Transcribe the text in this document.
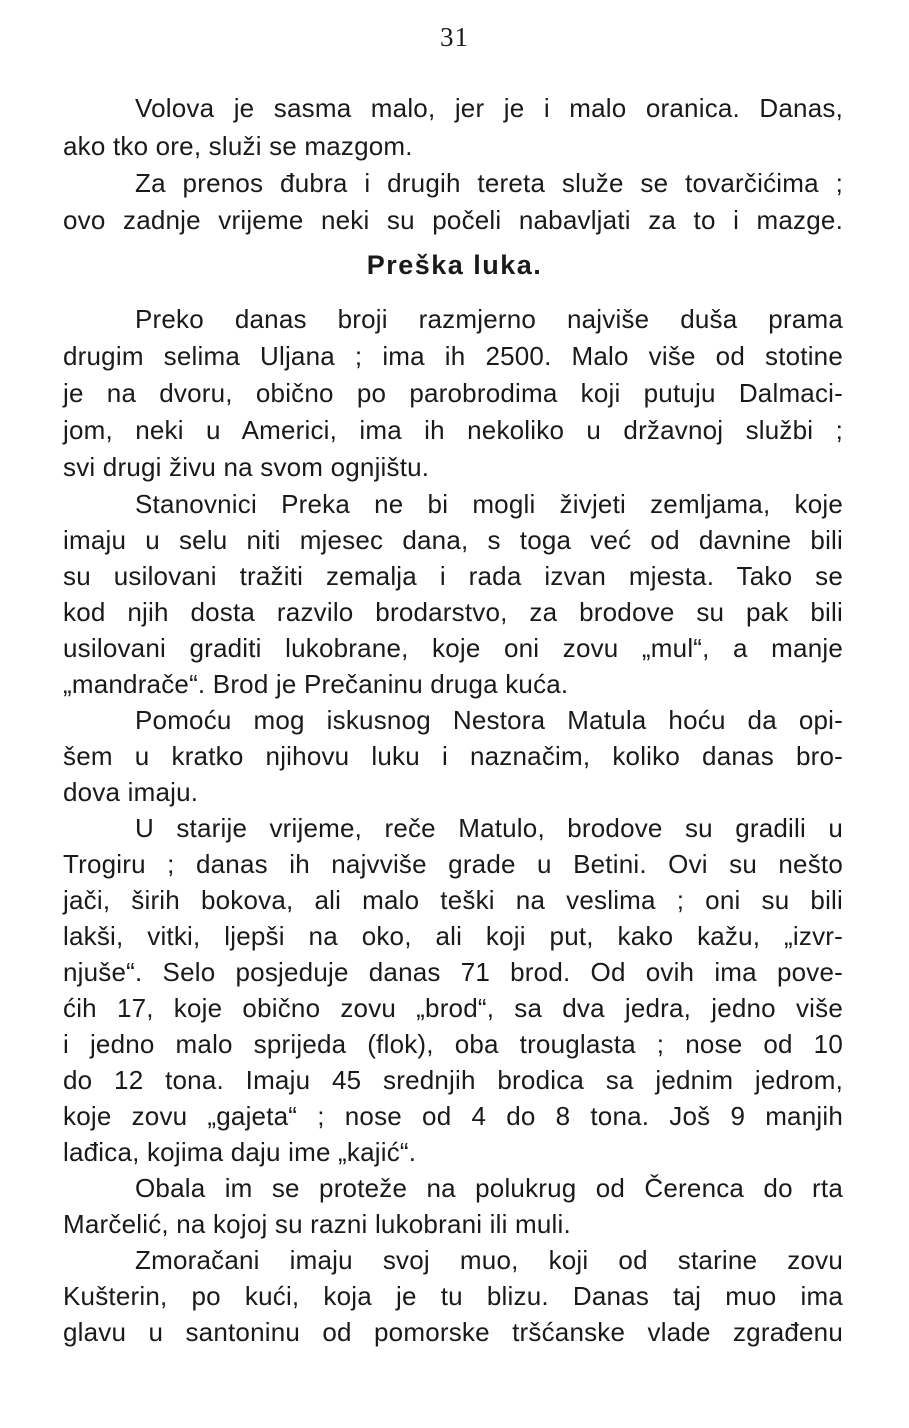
31
Volova je sasma malo, jer je i malo oranica. Danas,
ako tko ore, služi se mazgom.
Za prenos đubra i drugih tereta služe se tovarčićima ;
ovo zadnje vrijeme neki su počeli nabavljati za to i mazge.
Preška luka.
Preko danas broji razmjerno najviše duša prama
drugim selima Uljana ; ima ih 2500. Malo više od stotine
je na dvoru, obično po parobrodima koji putuju Dalmaci-
jom, neki u Americi, ima ih nekoliko u državnoj službi ;
svi drugi živu na svom ognjištu.
Stanovnici Preka ne bi mogli živjeti zemljama, koje
imaju u selu niti mjesec dana, s toga već od davnine bili
su usilovani tražiti zemalja i rada izvan mjesta. Tako se
kod njih dosta razvilo brodarstvo, za brodove su pak bili
usilovani graditi lukobrane, koje oni zovu „mul“, a manje
„mandrače“. Brod je Prečaninu druga kuća.
Pomoću mog iskusnog Nestora Matula hoću da opi-
šem u kratko njihovu luku i naznačim, koliko danas bro-
dova imaju.
U starije vrijeme, reče Matulo, brodove su gradili u
Trogiru ; danas ih najvviše grade u Betini. Ovi su nešto
jači, širih bokova, ali malo teški na veslima ; oni su bili
lakši, vitki, ljepši na oko, ali koji put, kako kažu, „izvr-
njuše“. Selo posjeduje danas 71 brod. Od ovih ima pove-
ćih 17, koje obično zovu „brod“, sa dva jedra, jedno više
i jedno malo sprijeda (flok), oba trouglasta ; nose od 10
do 12 tona. Imaju 45 srednjih brodica sa jednim jedrom,
koje zovu „gajeta“ ; nose od 4 do 8 tona. Još 9 manjih
lađica, kojima daju ime „kajić“.
Obala im se proteže na polukrug od Čerenca do rta
Marčelić, na kojoj su razni lukobrani ili muli.
Zmoračani imaju svoj muo, koji od starine zovu
Kušterin, po kući, koja je tu blizu. Danas taj muo ima
glavu u santoninu od pomorske tršćanske vlade zgrađenu
